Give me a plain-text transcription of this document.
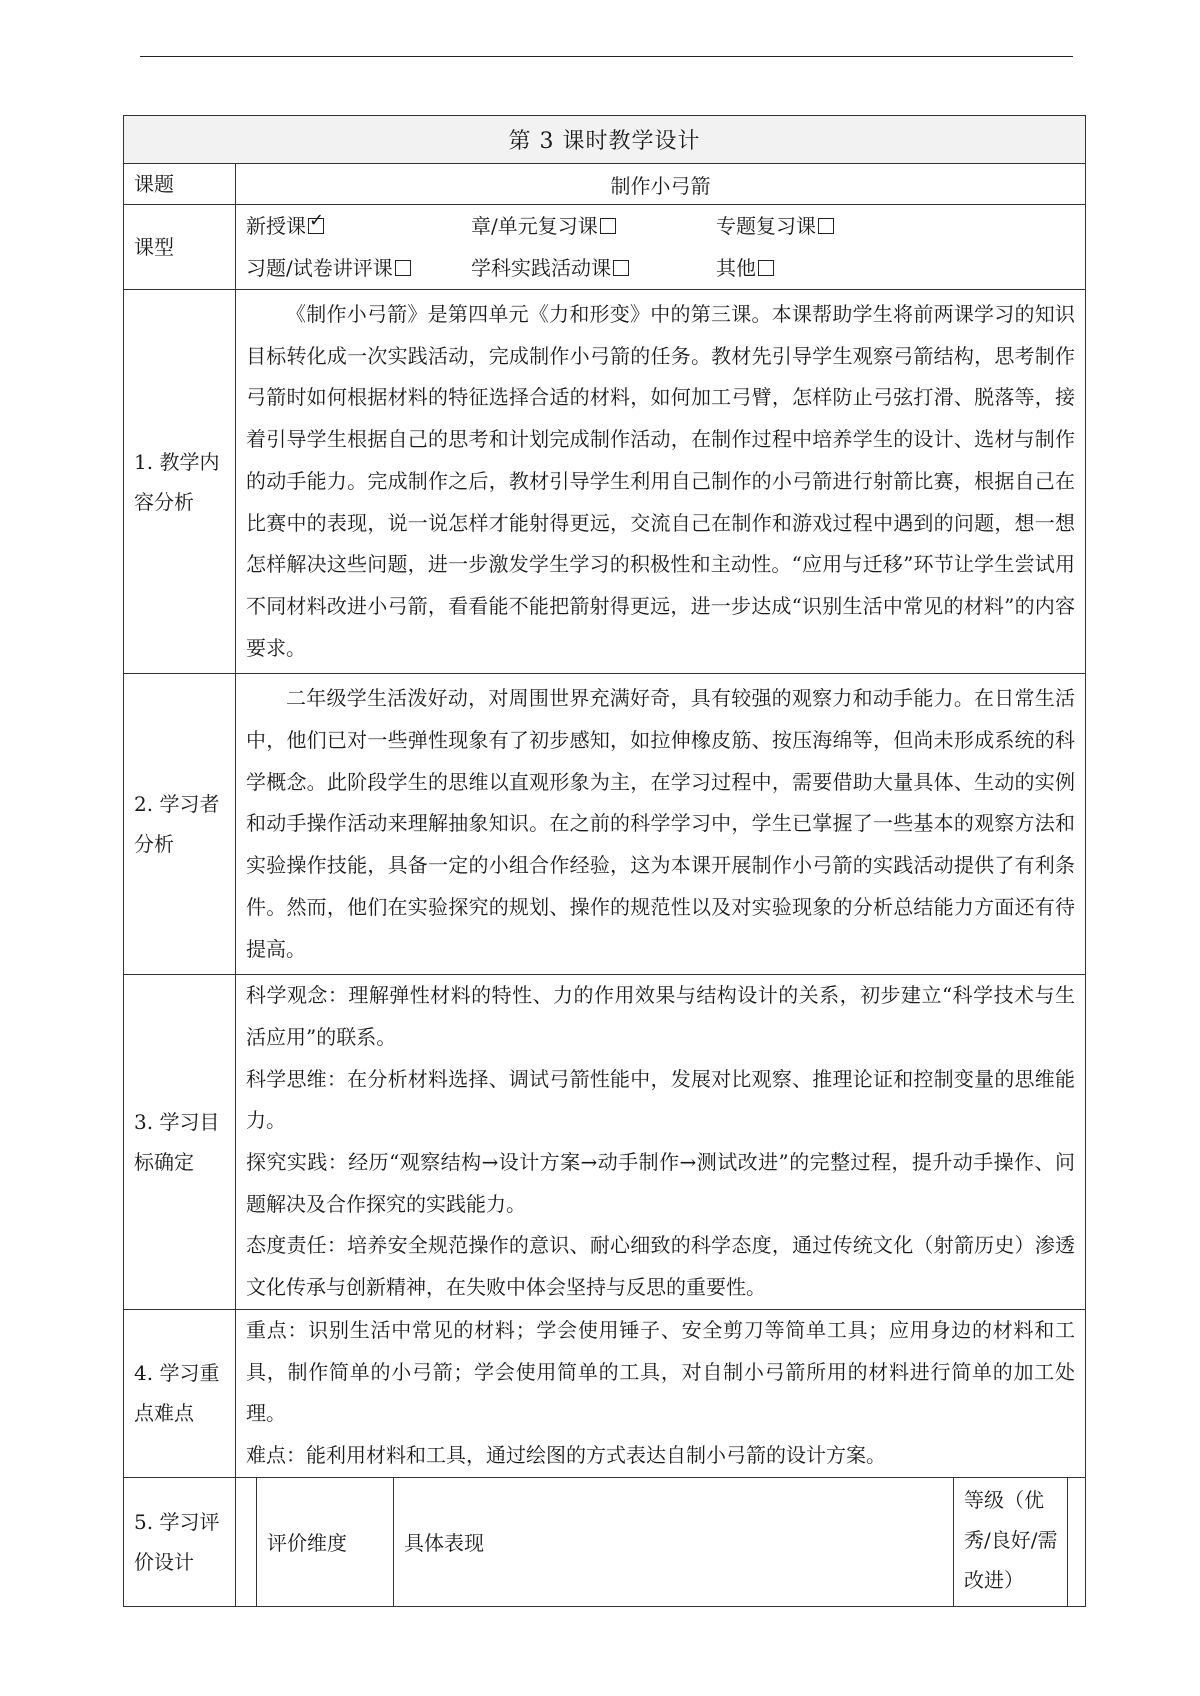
第 3 课时教学设计
课题	制作小弓箭
课型	
新授课✓	章/单元复习课	专题复习课
习题/试卷讲评课	学科实践活动课	其他

1. 教学内容分析	
《制作小弓箭》是第四单元《力和形变》中的第三课。本课帮助学生将前两课学习的知识目标转化成一次实践活动，完成制作小弓箭的任务。教材先引导学生观察弓箭结构，思考制作弓箭时如何根据材料的特征选择合适的材料，如何加工弓臂，怎样防止弓弦打滑、脱落等，接着引导学生根据自己的思考和计划完成制作活动，在制作过程中培养学生的设计、选材与制作的动手能力。完成制作之后，教材引导学生利用自己制作的小弓箭进行射箭比赛，根据自己在比赛中的表现，说一说怎样才能射得更远，交流自己在制作和游戏过程中遇到的问题，想一想怎样解决这些问题，进一步激发学生学习的积极性和主动性。“应用与迁移”环节让学生尝试用不同材料改进小弓箭，看看能不能把箭射得更远，进一步达成“识别生活中常见的材料”的内容要求。

2. 学习者分析	
二年级学生活泼好动，对周围世界充满好奇，具有较强的观察力和动手能力。在日常生活中，他们已对一些弹性现象有了初步感知，如拉伸橡皮筋、按压海绵等，但尚未形成系统的科学概念。此阶段学生的思维以直观形象为主，在学习过程中，需要借助大量具体、生动的实例和动手操作活动来理解抽象知识。在之前的科学学习中，学生已掌握了一些基本的观察方法和实验操作技能，具备一定的小组合作经验，这为本课开展制作小弓箭的实践活动提供了有利条件。然而，他们在实验探究的规划、操作的规范性以及对实验现象的分析总结能力方面还有待提高。

3. 学习目标确定	

科学观念：理解弹性材料的特性、力的作用效果与结构设计的关系，初步建立“科学技术与生活应用”的联系。

科学思维：在分析材料选择、调试弓箭性能中，发展对比观察、推理论证和控制变量的思维能力。

探究实践：经历“观察结构→设计方案→动手制作→测试改进”的完整过程，提升动手操作、问题解决及合作探究的实践能力。

态度责任：培养安全规范操作的意识、耐心细致的科学态度，通过传统文化（射箭历史）渗透文化传承与创新精神，在失败中体会坚持与反思的重要性。

4. 学习重点难点	

重点：识别生活中常见的材料；学会使用锤子、安全剪刀等简单工具；应用身边的材料和工具，制作简单的小弓箭；学会使用简单的工具，对自制小弓箭所用的材料进行简单的加工处理。

难点：能利用材料和工具，通过绘图的方式表达自制小弓箭的设计方案。

5. 学习评价设计	
评价维度	具体表现	等级（优秀/良好/需改进）
